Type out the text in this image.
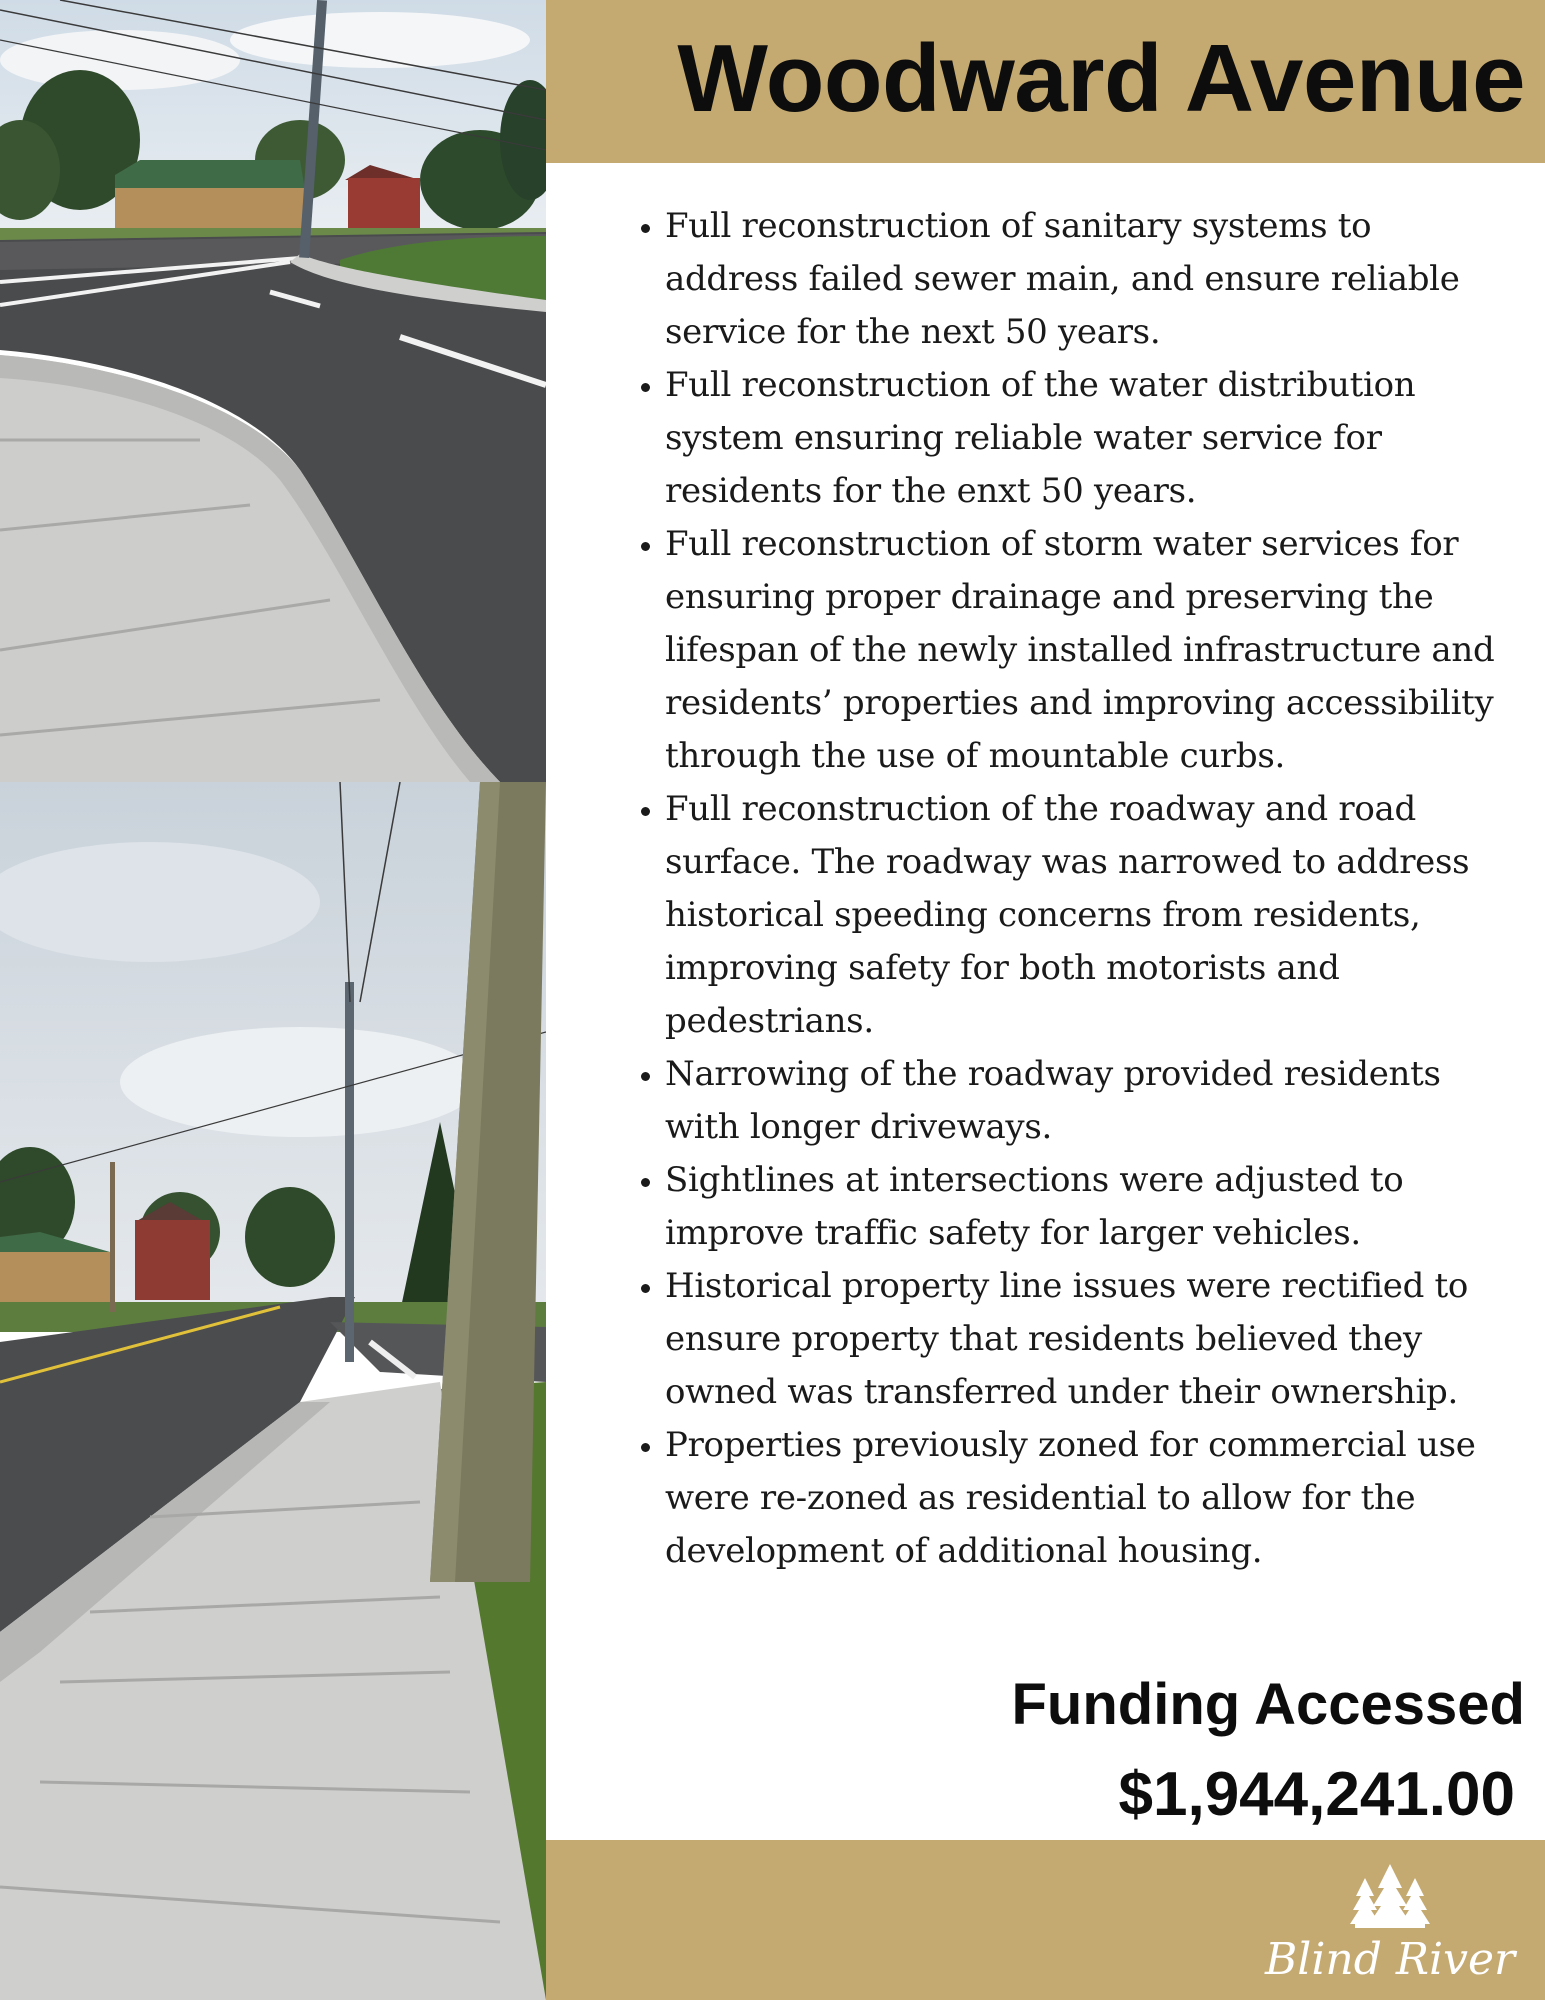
Woodward Avenue
• Full reconstruction of sanitary systems to address failed sewer main, and ensure reliable service for the next 50 years.
• Full reconstruction of the water distribution system ensuring reliable water service for residents for the enxt 50 years.
• Full reconstruction of storm water services for ensuring proper drainage and preserving the lifespan of the newly installed infrastructure and residents’ properties and improving accessibility through the use of mountable curbs.
• Full reconstruction of the roadway and road surface. The roadway was narrowed to address historical speeding concerns from residents, improving safety for both motorists and pedestrians.
• Narrowing of the roadway provided residents with longer driveways.
• Sightlines at intersections were adjusted to improve traffic safety for larger vehicles.
• Historical property line issues were rectified to ensure property that residents believed they owned was transferred under their ownership.
• Properties previously zoned for commercial use were re-zoned as residential to allow for the development of additional housing.
Funding Accessed
$1,944,241.00
Blind River
